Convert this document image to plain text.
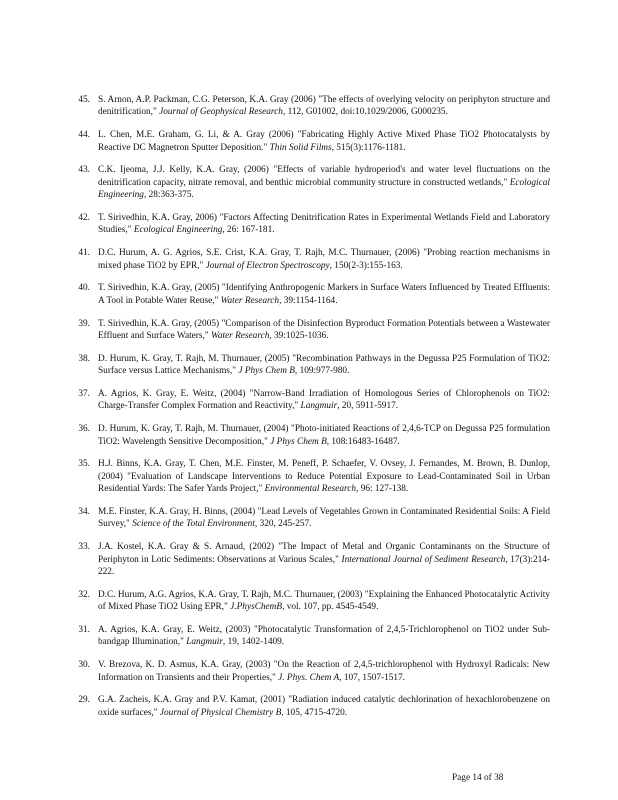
45. S. Arnon, A.P. Packman, C.G. Peterson, K.A. Gray (2006) "The effects of overlying velocity on periphyton structure and denitrification," Journal of Geophysical Research, 112, G01002, doi:10.1029/2006, G000235.
44. L. Chen, M.E. Graham, G. Li, & A. Gray (2006) "Fabricating Highly Active Mixed Phase TiO2 Photocatalysts by Reactive DC Magnetron Sputter Deposition." Thin Solid Films, 515(3):1176-1181.
43. C.K. Ijeoma, J.J. Kelly, K.A. Gray, (2006) "Effects of variable hydroperiod's and water level fluctuations on the denitrification capacity, nitrate removal, and benthic microbial community structure in constructed wetlands," Ecological Engineering, 28:363-375.
42. T. Sirivedhin, K.A. Gray, 2006) "Factors Affecting Denitrification Rates in Experimental Wetlands Field and Laboratory Studies," Ecological Engineering, 26: 167-181.
41. D.C. Hurum, A. G. Agrios, S.E. Crist, K.A. Gray, T. Rajh, M.C. Thurnauer, (2006) "Probing reaction mechanisms in mixed phase TiO2 by EPR," Journal of Electron Spectroscopy, 150(2-3):155-163.
40. T. Sirivedhin, K.A. Gray, (2005) "Identifying Anthropogenic Markers in Surface Waters Influenced by Treated Effluents: A Tool in Potable Water Reuse," Water Research, 39:1154-1164.
39. T. Sirivedhin, K.A. Gray, (2005) "Comparison of the Disinfection Byproduct Formation Potentials between a Wastewater Effluent and Surface Waters," Water Research, 39:1025-1036.
38. D. Hurum, K. Gray, T. Rajh, M. Thurnauer, (2005) "Recombination Pathways in the Degussa P25 Formulation of TiO2: Surface versus Lattice Mechanisms," J Phys Chem B, 109:977-980.
37. A. Agrios, K. Gray, E. Weitz, (2004) "Narrow-Band Irradiation of Homologous Series of Chlorophenols on TiO2: Charge-Transfer Complex Formation and Reactivity," Langmuir, 20, 5911-5917.
36. D. Hurum, K. Gray, T. Rajh, M. Thurnauer, (2004) "Photo-initiated Reactions of 2,4,6-TCP on Degussa P25 formulation TiO2: Wavelength Sensitive Decomposition," J Phys Chem B, 108:16483-16487.
35. H.J. Binns, K.A. Gray, T. Chen, M.E. Finster, M. Peneff, P. Schaefer, V. Ovsey, J. Fernandes, M. Brown, B. Dunlop, (2004) "Evaluation of Landscape Interventions to Reduce Potential Exposure to Lead-Contaminated Soil in Urban Residential Yards: The Safer Yards Project," Environmental Research, 96: 127-138.
34. M.E. Finster, K.A. Gray, H. Binns, (2004) "Lead Levels of Vegetables Grown in Contaminated Residential Soils: A Field Survey," Science of the Total Environment, 320, 245-257.
33. J.A. Kostel, K.A. Gray & S. Arnaud, (2002) "The Impact of Metal and Organic Contaminants on the Structure of Periphyton in Lotic Sediments: Observations at Various Scales," International Journal of Sediment Research, 17(3):214-222.
32. D.C. Hurum, A.G. Agrios, K.A. Gray, T. Rajh, M.C. Thurnauer, (2003) "Explaining the Enhanced Photocatalytic Activity of Mixed Phase TiO2 Using EPR," J.PhysChemB, vol. 107, pp. 4545-4549.
31. A. Agrios, K.A. Gray, E. Weitz, (2003) "Photocatalytic Transformation of 2,4,5-Trichlorophenol on TiO2 under Sub-bandgap Illumination," Langmuir, 19, 1402-1409.
30. V. Brezova, K. D. Asmus, K.A. Gray, (2003) "On the Reaction of 2,4,5-trichlorophenol with Hydroxyl Radicals: New Information on Transients and their Properties," J. Phys. Chem A, 107, 1507-1517.
29. G.A. Zacheis, K.A. Gray and P.V. Kamat, (2001) "Radiation induced catalytic dechlorination of hexachlorobenzene on oxide surfaces," Journal of Physical Chemistry B, 105, 4715-4720.
Page 14 of 38
